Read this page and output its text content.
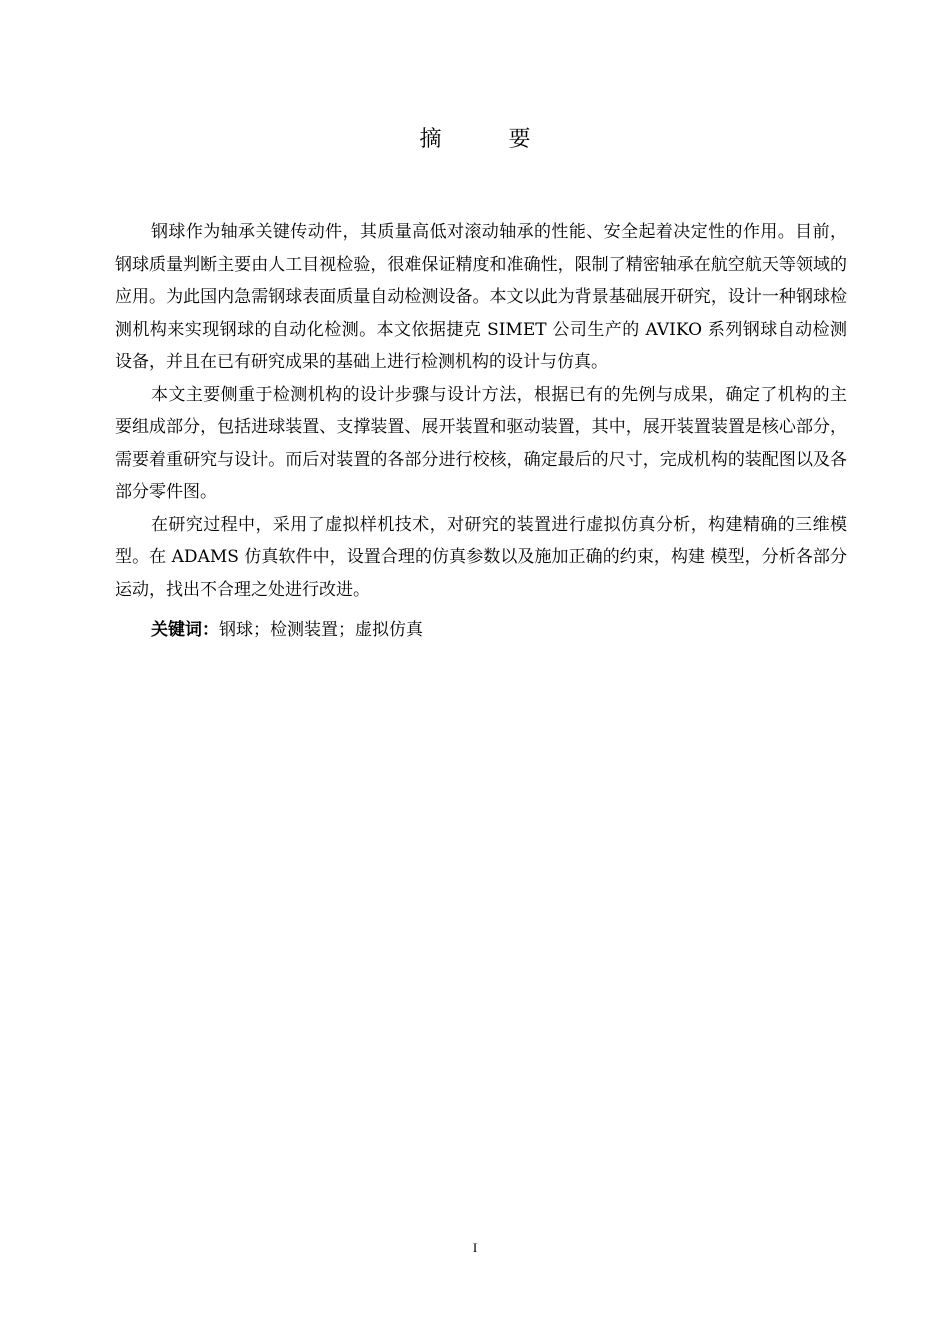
摘 要

钢球作为轴承关键传动件，其质量高低对滚动轴承的性能、安全起着决定性的作用。目前，钢球质量判断主要由人工目视检验，很难保证精度和准确性，限制了精密轴承在航空航天等领域的应用。为此国内急需钢球表面质量自动检测设备。本文以此为背景基础展开研究，设计一种钢球检测机构来实现钢球的自动化检测。本文依据捷克 SIMET 公司生产的 AVIKO 系列钢球自动检测设备，并且在已有研究成果的基础上进行检测机构的设计与仿真。

本文主要侧重于检测机构的设计步骤与设计方法，根据已有的先例与成果，确定了机构的主要组成部分，包括进球装置、支撑装置、展开装置和驱动装置，其中，展开装置装置是核心部分，需要着重研究与设计。而后对装置的各部分进行校核，确定最后的尺寸，完成机构的装配图以及各部分零件图。

在研究过程中，采用了虚拟样机技术，对研究的装置进行虚拟仿真分析，构建精确的三维模型。在 ADAMS 仿真软件中，设置合理的仿真参数以及施加正确的约束，构建 模型，分析各部分运动，找出不合理之处进行改进。

关键词：钢球；检测装置；虚拟仿真

I
